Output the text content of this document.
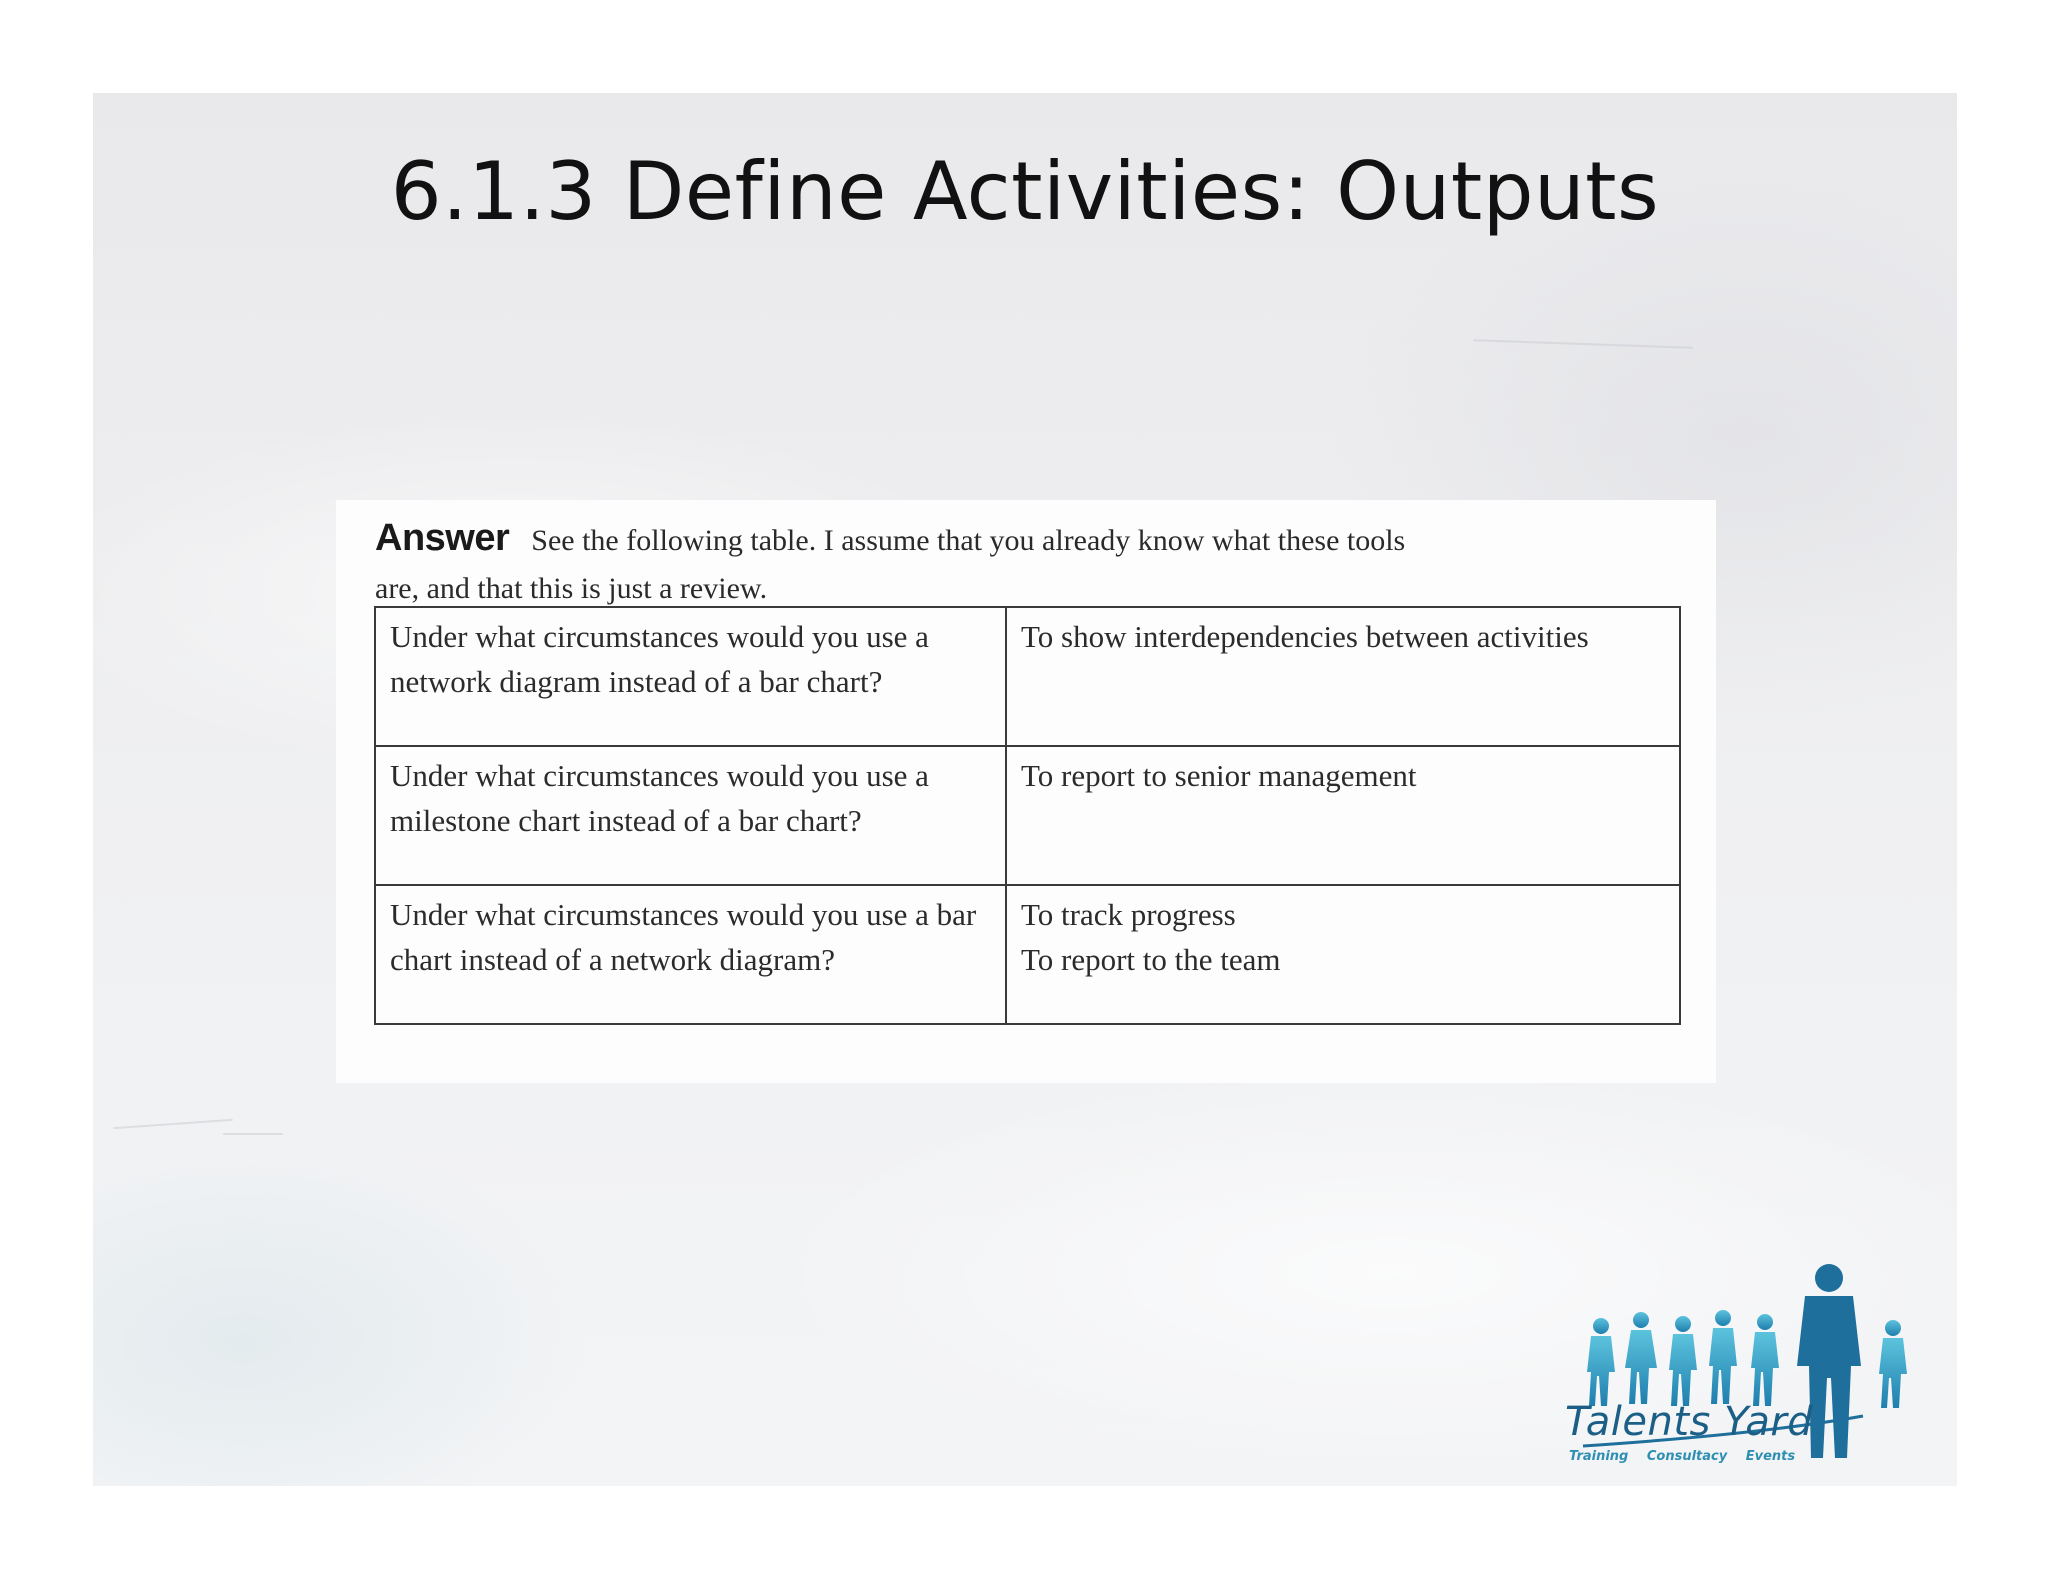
6.1.3 Define Activities: Outputs
Answer See the following table. I assume that you already know what these tools
are, and that this is just a review.
Under what circumstances would you use a network diagram instead of a bar chart?	To show interdependencies between activities

Under what circumstances would you use a milestone chart instead of a bar chart?	To report to senior management

Under what circumstances would you use a bar chart instead of a network diagram?	To track progress
To report to the team
Talents Yard
Training Consultacy Events
